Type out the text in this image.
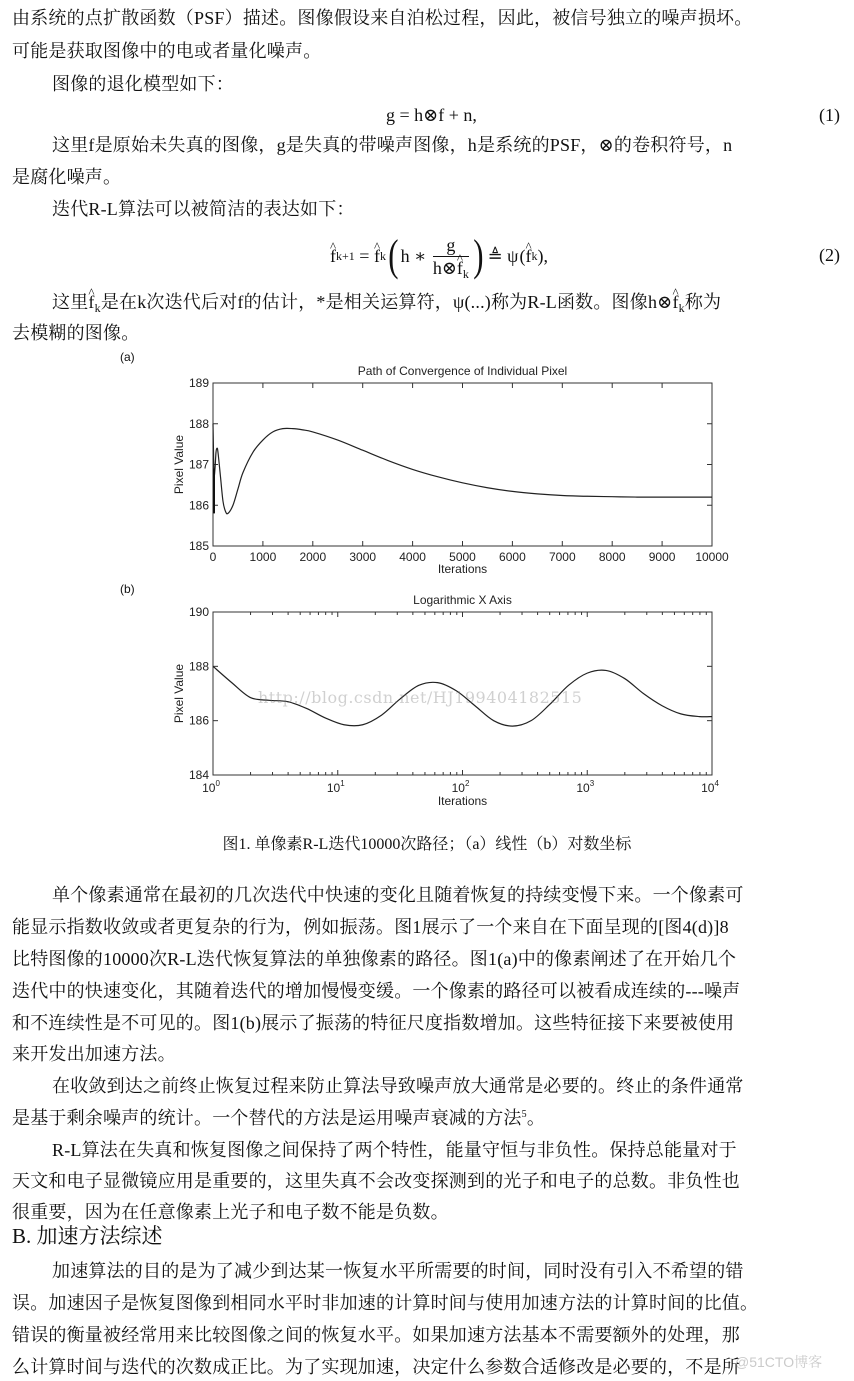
由系统的点扩散函数（PSF）描述。图像假设来自泊松过程，因此，被信号独立的噪声损坏。
可能是获取图像中的电或者量化噪声。
图像的退化模型如下：
g = h⊗f + n,	(1)
这里f是原始未失真的图像，g是失真的带噪声图像，h是系统的PSF，⊗的卷积符号，n
是腐化噪声。
迭代R-L算法可以被简洁的表达如下：
^ f k+1 = ^ f k ( h ∗ $\frac{g}{h\otimes\^{} f_k}$ ) ≜ ψ ( ^ f k ) ,	(2)
这里^ $f_k$是在k次迭代后对f的估计，*是相关运算符，ψ(...)称为R-L函数。图像h⊗^ $f_k$称为
去模糊的图像。
(a)
Path of Convergence of Individual Pixel
185
186
187
188
189
0	1000 2000 3000 4000 5000 6000 7000 8000 9000 10000
Iterations
Pixel Value
(b)
Logarithmic X Axis
184
186
188
190
$10^0$	$10^1$	$10^2$	$10^3$	$10^4$
Iterations
Pixel Value	http://blog.csdn.net/HJ199404182515
图1. 单像素R-L迭代10000次路径；（a）线性（b）对数坐标
单个像素通常在最初的几次迭代中快速的变化且随着恢复的持续变慢下来。一个像素可
能显示指数收敛或者更复杂的行为，例如振荡。图1展示了一个来自在下面呈现的[图4(d)]8
比特图像的10000次R-L迭代恢复算法的单独像素的路径。图1(a)中的像素阐述了在开始几个
迭代中的快速变化，其随着迭代的增加慢慢变缓。一个像素的路径可以被看成连续的---噪声
和不连续性是不可见的。图1(b)展示了振荡的特征尺度指数增加。这些特征接下来要被使用
来开发出加速方法。
在收敛到达之前终止恢复过程来防止算法导致噪声放大通常是必要的。终止的条件通常
是基于剩余噪声的统计。一个替代的方法是运用噪声衰减的方法$^5$。
R-L算法在失真和恢复图像之间保持了两个特性，能量守恒与非负性。保持总能量对于
天文和电子显微镜应用是重要的，这里失真不会改变探测到的光子和电子的总数。非负性也
很重要，因为在任意像素上光子和电子数不能是负数。
B. 加速方法综述
加速算法的目的是为了减少到达某一恢复水平所需要的时间，同时没有引入不希望的错
误。加速因子是恢复图像到相同水平时非加速的计算时间与使用加速方法的计算时间的比值。
错误的衡量被经常用来比较图像之间的恢复水平。如果加速方法基本不需要额外的处理，那
么计算时间与迭代的次数成正比。为了实现加速，决定什么参数合适修改是必要的，不是所
@51CTO博客
